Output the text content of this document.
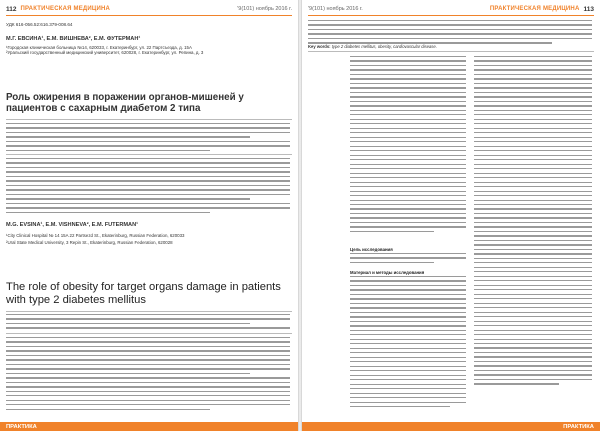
112 ПРАКТИЧЕСКАЯ МЕДИЦИНА	'9(101) ноябрь 2016 г.
УДК 616-056.52:616.379-008.64
М.Г. ЕВСИНА¹, Е.М. ВИШНЕВА², Е.М. ФУТЕРМАН¹
¹Городская клиническая больница №14, 620033, г. Екатеринбург, ул. 22 Партсъезда, д. 15А
²Уральский государственный медицинский университет, 620028, г. Екатеринбург, ул. Репина, д. 3
Роль ожирения в поражении органов-мишеней у пациентов с сахарным диабетом 2 типа
M.G. EVSINA¹, E.M. VISHNEVA², E.M. FUTERMAN¹
¹City Clinical Hospital № 14 15A 22 Partsezd St., Ekaterinburg, Russian Federation, 620033
²Ural State Medical University, 3 Repin St., Ekaterinburg, Russian Federation, 620028
The role of obesity for target organs damage in patients with type 2 diabetes mellitus
ПРАКТИКА
'9(101) ноябрь 2016 г.	ПРАКТИЧЕСКАЯ МЕДИЦИНА 113
Key words: type 2 diabetes mellitus, obesity, cardiovascular disease.
Цель исследования
Материал и методы исследования
ПРАКТИКА
